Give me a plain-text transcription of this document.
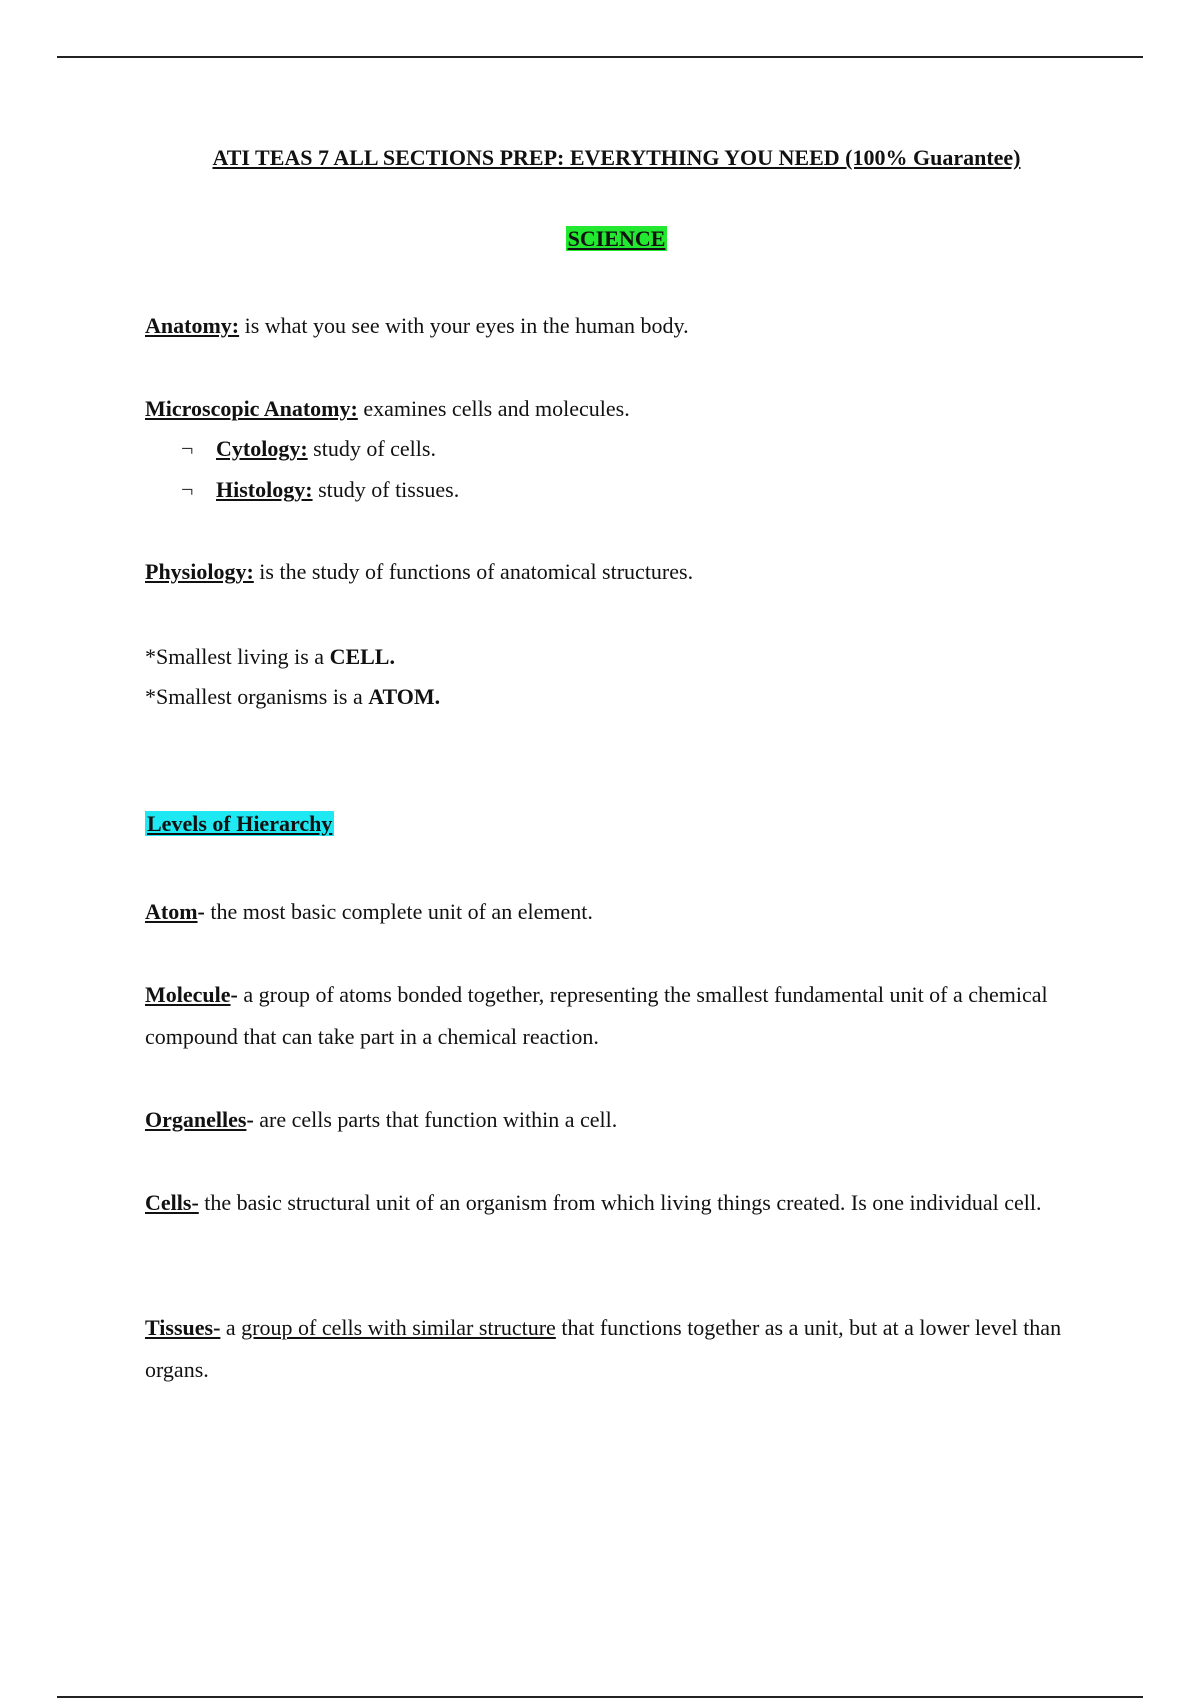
ATI TEAS 7 ALL SECTIONS PREP: EVERYTHING YOU NEED (100% Guarantee)
SCIENCE
Anatomy: is what you see with your eyes in the human body.
Microscopic Anatomy: examines cells and molecules.
¬ Cytology: study of cells.
¬ Histology: study of tissues.
Physiology: is the study of functions of anatomical structures.
*Smallest living is a CELL.
*Smallest organisms is a ATOM.
Levels of Hierarchy
Atom- the most basic complete unit of an element.
Molecule- a group of atoms bonded together, representing the smallest fundamental unit of a chemical compound that can take part in a chemical reaction.
Organelles- are cells parts that function within a cell.
Cells- the basic structural unit of an organism from which living things created. Is one individual cell.
Tissues- a group of cells with similar structure that functions together as a unit, but at a lower level than organs.
